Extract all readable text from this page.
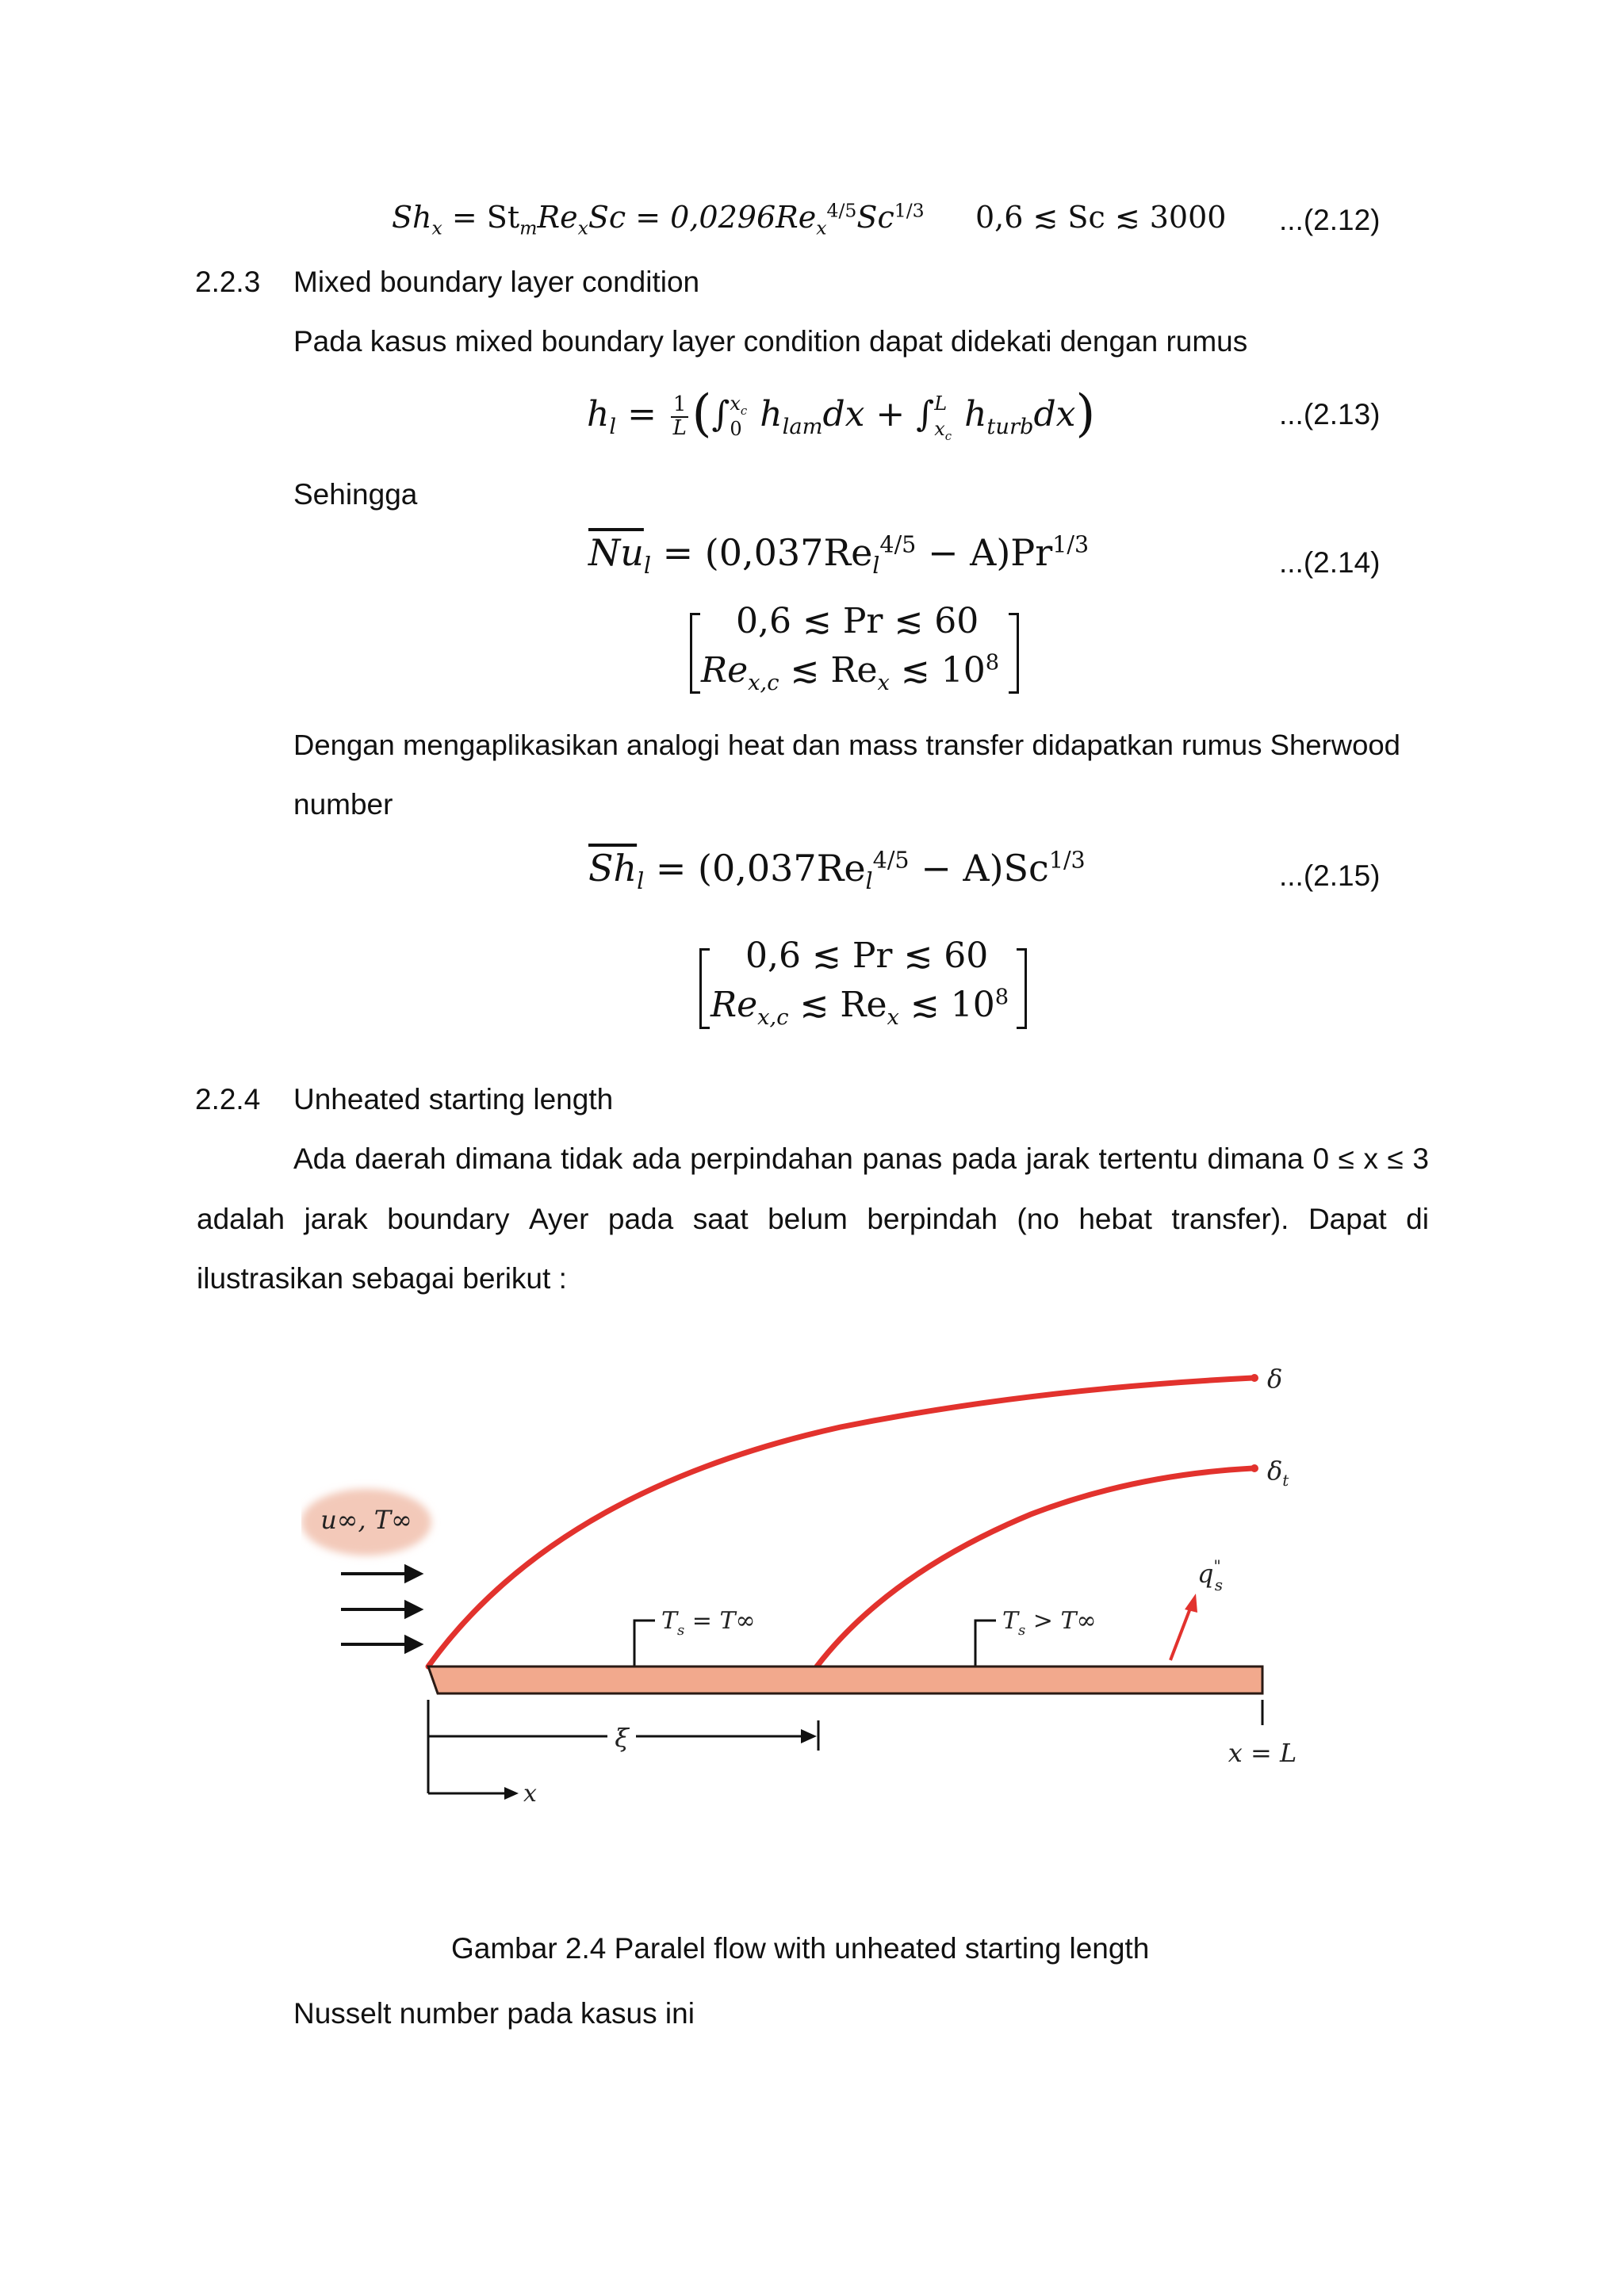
$Sh_x = St_mRe_xSc = 0,0296Re_x^{4/5}Sc^{1/3}$ 0,6 ≲ Sc ≲ 3000 ...(2.12)
2.2.3 Mixed boundary layer condition
Pada kasus mixed boundary layer condition dapat didekati dengan rumus
$h_l = \frac{1}{L}$ (∫ $x_c$
0 $h_{lam}dx$ + ∫ L
$x_c$
$h_{turb}dx$)	...(2.13)
Sehingga
$\overline{Nu}_l = (0,037Re_l^{4/5} - A)Pr^{1/3}$
...(2.14)
0,6 ≲ Pr ≲ 60
$Re_{x,c}$ ≲ $Re_x$ ≲ $10^8$
Dengan mengaplikasikan analogi heat dan mass transfer didapatkan rumus Sherwood
number
$\overline{Sh}_l = (0,037Re_l^{4/5} - A)Sc^{1/3}$	...(2.15)
0,6 ≲ Pr ≲ 60
$Re_{x,c}$ ≲ $Re_x$ ≲ $10^8$
2.2.4 Unheated starting length
Ada daerah dimana tidak ada perpindahan panas pada jarak tertentu dimana 0 ≤ x ≤ 3
adalah jarak boundary Ayer pada saat belum berpindah (no hebat transfer). Dapat di
ilustrasikan sebagai berikut :
u∞, T∞
δ
$\delta_t$
q" s
$T_s = T\infty$	$T_s > T\infty$
x = L
ξ
x
Gambar 2.4 Paralel flow with unheated starting length
Nusselt number pada kasus ini
